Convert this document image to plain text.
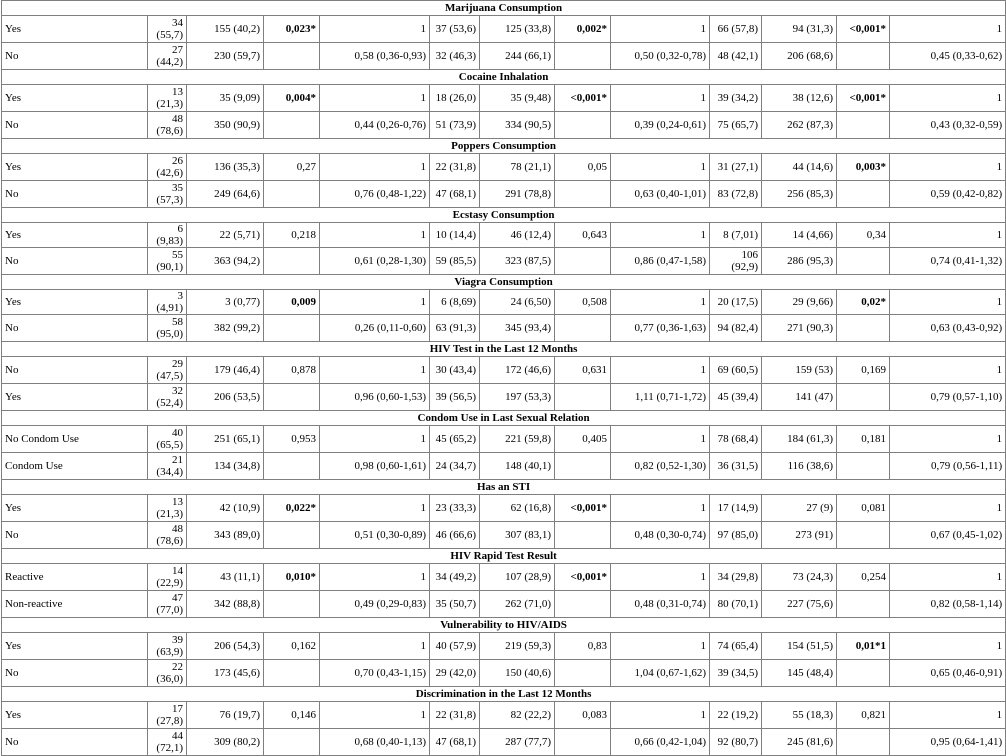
Marijuana Consumption												
Yes	34 (55,7)	155 (40,2)	0,023*	1	37 (53,6)	125 (33,8)	0,002*	1	66 (57,8)	94 (31,3)	<0,001*	1
No	27 (44,2)	230 (59,7)		0,58 (0,36-0,93)	32 (46,3)	244 (66,1)		0,50 (0,32-0,78)	48 (42,1)	206 (68,6)		0,45 (0,33-0,62)
Cocaine Inhalation												
Yes	13 (21,3)	35 (9,09)	0,004*	1	18 (26,0)	35 (9,48)	<0,001*	1	39 (34,2)	38 (12,6)	<0,001*	1
No	48 (78,6)	350 (90,9)		0,44 (0,26-0,76)	51 (73,9)	334 (90,5)		0,39 (0,24-0,61)	75 (65,7)	262 (87,3)		0,43 (0,32-0,59)
Poppers Consumption												
Yes	26 (42,6)	136 (35,3)	0,27	1	22 (31,8)	78 (21,1)	0,05	1	31 (27,1)	44 (14,6)	0,003*	1
No	35 (57,3)	249 (64,6)		0,76 (0,48-1,22)	47 (68,1)	291 (78,8)		0,63 (0,40-1,01)	83 (72,8)	256 (85,3)		0,59 (0,42-0,82)
Ecstasy Consumption												
Yes	6 (9,83)	22 (5,71)	0,218	1	10 (14,4)	46 (12,4)	0,643	1	8 (7,01)	14 (4,66)	0,34	1
No	55 (90,1)	363 (94,2)		0,61 (0,28-1,30)	59 (85,5)	323 (87,5)		0,86 (0,47-1,58)	106 (92,9)	286 (95,3)		0,74 (0,41-1,32)
Viagra Consumption												
Yes	3 (4,91)	3 (0,77)	0,009	1	6 (8,69)	24 (6,50)	0,508	1	20 (17,5)	29 (9,66)	0,02*	1
No	58 (95,0)	382 (99,2)		0,26 (0,11-0,60)	63 (91,3)	345 (93,4)		0,77 (0,36-1,63)	94 (82,4)	271 (90,3)		0,63 (0,43-0,92)
HIV Test in the Last 12 Months												
No	29 (47,5)	179 (46,4)	0,878	1	30 (43,4)	172 (46,6)	0,631	1	69 (60,5)	159 (53)	0,169	1
Yes	32 (52,4)	206 (53,5)		0,96 (0,60-1,53)	39 (56,5)	197 (53,3)		1,11 (0,71-1,72)	45 (39,4)	141 (47)		0,79 (0,57-1,10)
Condom Use in Last Sexual Relation												
No Condom Use	40 (65,5)	251 (65,1)	0,953	1	45 (65,2)	221 (59,8)	0,405	1	78 (68,4)	184 (61,3)	0,181	1
Condom Use	21 (34,4)	134 (34,8)		0,98 (0,60-1,61)	24 (34,7)	148 (40,1)		0,82 (0,52-1,30)	36 (31,5)	116 (38,6)		0,79 (0,56-1,11)
Has an STI												
Yes	13 (21,3)	42 (10,9)	0,022*	1	23 (33,3)	62 (16,8)	<0,001*	1	17 (14,9)	27 (9)	0,081	1
No	48 (78,6)	343 (89,0)		0,51 (0,30-0,89)	46 (66,6)	307 (83,1)		0,48 (0,30-0,74)	97 (85,0)	273 (91)		0,67 (0,45-1,02)
HIV Rapid Test Result												
Reactive	14 (22,9)	43 (11,1)	0,010*	1	34 (49,2)	107 (28,9)	<0,001*	1	34 (29,8)	73 (24,3)	0,254	1
Non-reactive	47 (77,0)	342 (88,8)		0,49 (0,29-0,83)	35 (50,7)	262 (71,0)		0,48 (0,31-0,74)	80 (70,1)	227 (75,6)		0,82 (0,58-1,14)
Vulnerability to HIV/AIDS												
Yes	39 (63,9)	206 (54,3)	0,162	1	40 (57,9)	219 (59,3)	0,83	1	74 (65,4)	154 (51,5)	0,01*1	1
No	22 (36,0)	173 (45,6)		0,70 (0,43-1,15)	29 (42,0)	150 (40,6)		1,04 (0,67-1,62)	39 (34,5)	145 (48,4)		0,65 (0,46-0,91)
Discrimination in the Last 12 Months												
Yes	17 (27,8)	76 (19,7)	0,146	1	22 (31,8)	82 (22,2)	0,083	1	22 (19,2)	55 (18,3)	0,821	1
No	44 (72,1)	309 (80,2)		0,68 (0,40-1,13)	47 (68,1)	287 (77,7)		0,66 (0,42-1,04)	92 (80,7)	245 (81,6)		0,95 (0,64-1,41)
